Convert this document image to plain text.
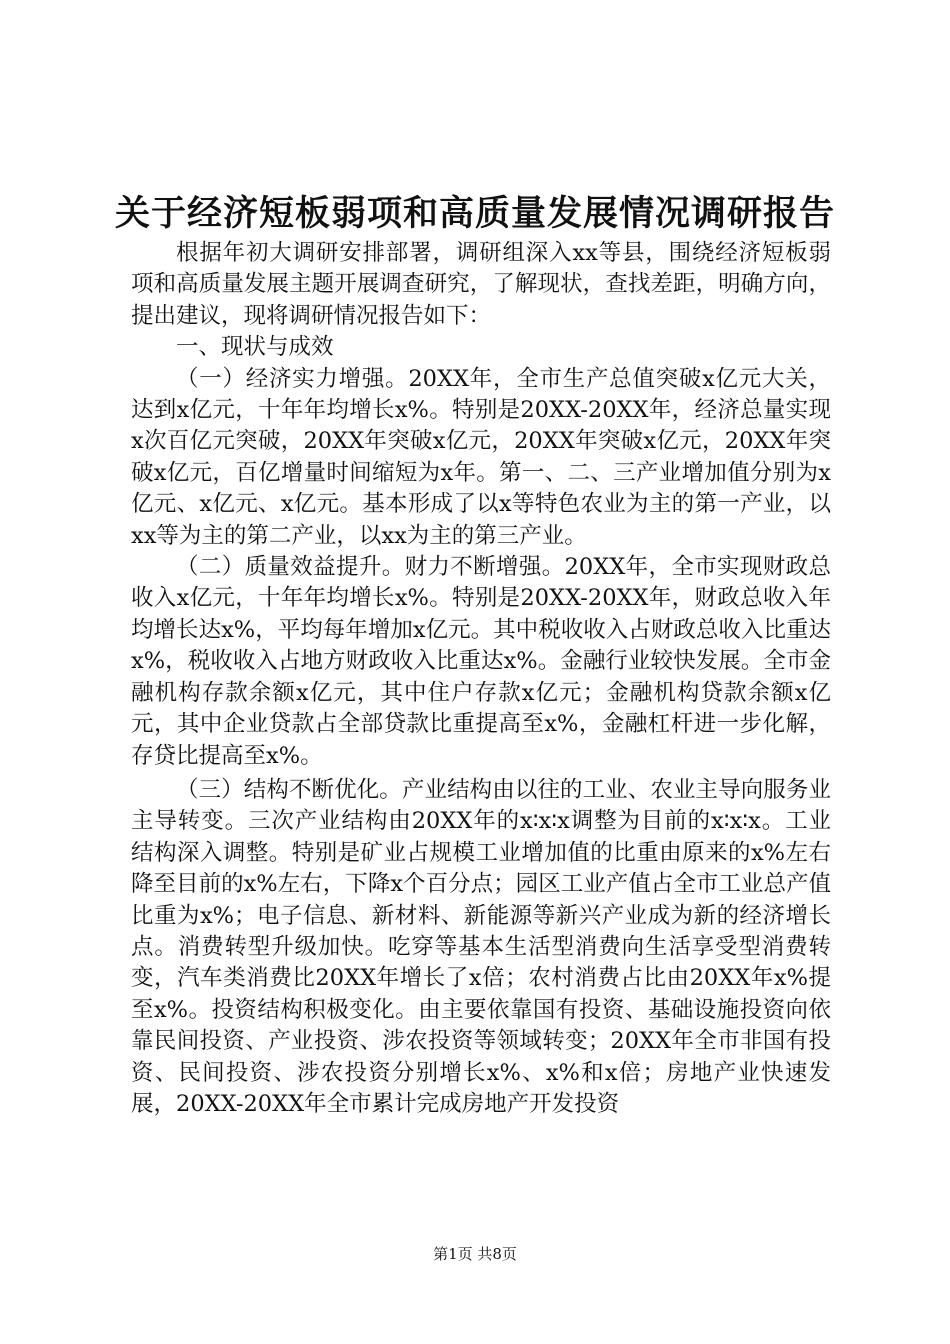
关于经济短板弱项和高质量发展情况调研报告

根据年初大调研安排部署，调研组深入xx等县，围绕经济短板弱项和高质量发展主题开展调查研究，了解现状，查找差距，明确方向，提出建议，现将调研情况报告如下：

一、现状与成效

（一）经济实力增强。20XX年，全市生产总值突破x亿元大关，达到x亿元，十年年均增长x%。特别是20XX-20XX年，经济总量实现x次百亿元突破，20XX年突破x亿元，20XX年突破x亿元，20XX年突破x亿元，百亿增量时间缩短为x年。第一、二、三产业增加值分别为x亿元、x亿元、x亿元。基本形成了以x等特色农业为主的第一产业，以xx等为主的第二产业，以xx为主的第三产业。

（二）质量效益提升。财力不断增强。20XX年，全市实现财政总收入x亿元，十年年均增长x%。特别是20XX-20XX年，财政总收入年均增长达x%，平均每年增加x亿元。其中税收收入占财政总收入比重达x%，税收收入占地方财政收入比重达x%。金融行业较快发展。全市金融机构存款余额x亿元，其中住户存款x亿元；金融机构贷款余额x亿元，其中企业贷款占全部贷款比重提高至x%，金融杠杆进一步化解，存贷比提高至x%。

（三）结构不断优化。产业结构由以往的工业、农业主导向服务业主导转变。三次产业结构由20XX年的x∶x∶x调整为目前的x∶x∶x。工业结构深入调整。特别是矿业占规模工业增加值的比重由原来的x%左右降至目前的x%左右，下降x个百分点；园区工业产值占全市工业总产值比重为x%；电子信息、新材料、新能源等新兴产业成为新的经济增长点。消费转型升级加快。吃穿等基本生活型消费向生活享受型消费转变，汽车类消费比20XX年增长了x倍；农村消费占比由20XX年x%提至x%。投资结构积极变化。由主要依靠国有投资、基础设施投资向依靠民间投资、产业投资、涉农投资等领域转变；20XX年全市非国有投资、民间投资、涉农投资分别增长x%、x%和x倍；房地产业快速发展，20XX-20XX年全市累计完成房地产开发投资

第1页 共8页
